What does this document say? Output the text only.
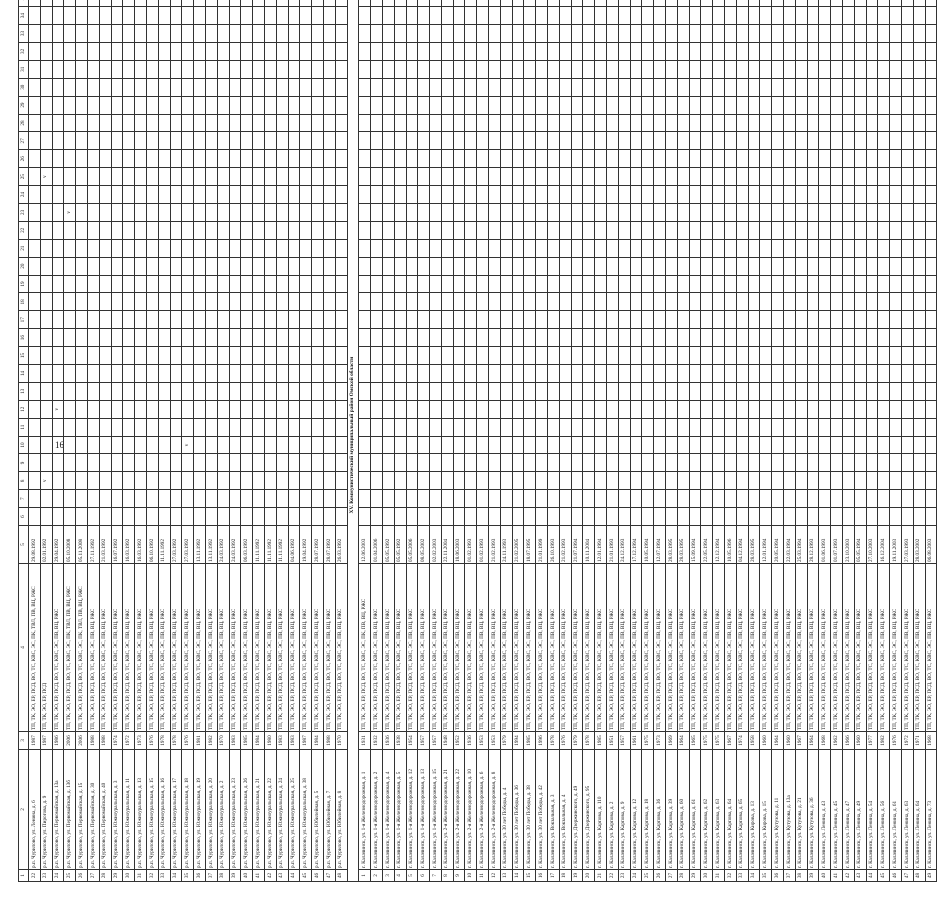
16
1	2	3	4	5	6	7	8	9	10	11	12	13	14	15	16	17	18	19	20	21	22	23	24	25	26	27	28	29	30	31	32	33	34	
22	р.п. Чурилово, ул. Ленина, д. 6	1987	ТП, ТК, ЭО, ЕР, ПСД, ВО, ТС, КВС, ЭС, ПК, ТВЛ, ПВ, ВЦ, РЖС	29.08.1992																															
23	р.п. Чурилово, ул. Пирогова, д. 9	1987	ТП, ТК, ЭО, ЕР, ПСД	02.01.1992			v																	v											
24	р.п. Чурилово, ул. Первомайская, д. 13а	1986	ТП, ТК, ЭО, ЕР, ПСД, ВО, ТС, КВС, ЭС, ПВ, ВЦ, РЖС	29.04.1992							v																								
25	р.п. Чурилово, ул. Первомайская, д. 13б	2006	ТП, ТК, ЭО, ЕР, ПСД, ВО, ТС, КВС, ЭС, ПК, ТВЛ, ПВ, ВЦ, РЖС	05.10.2008																		v													
26	р.п. Чурилово, ул. Первомайская, д. 15	2006	ТП, ТК, ЭО, ЕР, ПСД, ВО, ТС, КВС, ЭС, ПК, ТВЛ, ПВ, ВЦ, РЖС	05.11.2008																															
27	р.п. Чурилово, ул. Первомайская, д. 30	1988	ТП, ТК, ЭО, ЕР, ПСД, ВО, ТС, КВС, ЭС, ПВ, ВЦ, РЖС	27.11.1992																															
28	р.п. Чурилово, ул. Первомайская, д. 40	1988	ТП, ТК, ЭО, ЕР, ПСД, ВО, ТС, КВС, ЭС, ПВ, ВЦ, РЖС	21.03.1992																															
29	р.п. Чурилово, ул. Южноуральская, д. 3	1974	ТП, ТК, ЭО, ЕР, ПСД, ВО, ТС, КВС, ЭС, ПВ, ВЦ, РЖС	16.07.1992																															
30	р.п. Чурилово, ул. Южноуральская, д. 11	1972	ТП, ТК, ЭО, ЕР, ПСД, ВО, ТС, КВС, ЭС, ПВ, ВЦ, РЖС	16.03.1992																															
31	р.п. Чурилово, ул. Южноуральская, д. 13	1973	ТП, ТК, ЭО, ЕР, ПСД, ВО, ТС, КВС, ЭС, ПВ, ВЦ, РЖС	16.03.1992																															
32	р.п. Чурилово, ул. Южноуральская, д. 15	1976	ТП, ТК, ЭО, ЕР, ПСД, ВО, ТС, КВС, ЭС, ПВ, ВЦ, РЖС	06.10.1992																															
33	р.п. Чурилово, ул. Южноуральская, д. 16	1978	ТП, ТК, ЭО, ЕР, ПСД, ВО, ТС, КВС, ЭС, ПВ, ВЦ, РЖС	11.11.1992																															
34	р.п. Чурилово, ул. Южноуральская, д. 17	1978	ТП, ТК, ЭО, ЕР, ПСД, ВО, ТС, КВС, ЭС, ПВ, ВЦ, РЖС	27.03.1992																															
35	р.п. Чурилово, ул. Южноуральская, д. 18	1976	ТП, ТК, ЭО, ЕР, ПСД, ВО, ТС, КВС, ЭС, ПВ, ВЦ, РЖС	27.03.1992					v																										
36	р.п. Чурилово, ул. Южноуральская, д. 19	1981	ТП, ТК, ЭО, ЕР, ПСД, ВО, ТС, КВС, ЭС, ПВ, ВЦ, РЖС	13.11.1992																															
37	р.п. Чурилово, ул. Южноуральская, д. 20	1982	ТП, ТК, ЭО, ЕР, ПСД, ВО, ТС, КВС, ЭС, ПВ, ВЦ, РЖС	13.11.1992																															
38	р.п. Чурилово, ул. Южноуральская, д. 2	1970	ТП, ТК, ЭО, ЕР, ПСД, ВО, ТС, КВС, ЭС, ПВ, ВЦ, РЖС	24.03.1992																															
39	р.п. Чурилово, ул. Южноуральская, д. 23	1983	ТП, ТК, ЭО, ЕР, ПСД, ВО, ТС, КВС, ЭС, ПВ, ВЦ, РЖС	24.03.1992																															
40	р.п. Чурилово, ул. Южноуральская, д. 26	1985	ТП, ТК, ЭО, ЕР, ПСД, ВО, ТС, КВС, ЭС, ПВ, ВЦ, РЖС	06.03.1992																															
41	р.п. Чурилово, ул. Южноуральская, д. 21	1984	ТП, ТК, ЭО, ЕР, ПСД, ВО, ТС, КВС, ЭС, ПВ, ВЦ, РЖС	11.11.1992																															
42	р.п. Чурилово, ул. Южноуральская, д. 22	1980	ТП, ТК, ЭО, ЕР, ПСД, ВО, ТС, КВС, ЭС, ПВ, ВЦ, РЖС	11.11.1992																															
43	р.п. Чурилово, ул. Южноуральская, д. 24	1983	ТП, ТК, ЭО, ЕР, ПСД, ВО, ТС, КВС, ЭС, ПВ, ВЦ, РЖС	11.11.1992																															
44	р.п. Чурилово, ул. Южноуральская, д. 25	1983	ТП, ТК, ЭО, ЕР, ПСД, ВО, ТС, КВС, ЭС, ПВ, ВЦ, РЖС	04.06.1992																															
45	р.п. Чурилово, ул. Южноуральская, д. 38	1987	ТП, ТК, ЭО, ЕР, ПСД, ВО, ТС, КВС, ЭС, ПВ, ВЦ, РЖС	19.04.1992																															
46	р.п. Чурилово, ул. Юбилейная, д. 5	1984	ТП, ТК, ЭО, ЕР, ПСД, ВО, ТС, КВС, ЭС, ПВ, ВЦ, РЖС	28.07.1992																															
47	р.п. Чурилово, ул. Юбилейная, д. 7	1988	ТП, ТК, ЭО, ЕР, ПСД, ВО, ТС, КВС, ЭС, ПВ, ВЦ, РЖС	28.07.1992																															
48	р.п. Чурилово, ул. Юбилейная, д. 8	1970	ТП, ТК, ЭО, ЕР, ПСД, ВО, ТС, КВС, ЭС, ПВ, ВЦ, РЖС	26.03.1992																															
XV. Коммунистический муниципальный район Омской области																																			
1	г. Калачинск, ул. 1-я Железнодорожная, д. 1	1931	ТП, ТК, ЭО, ЕР, ПСД, ВО, ТС, КВС, ЭС, ПК, ПВ, ВЦ, РЖС	12.06.2003																															
2	г. Калачинск, ул. 1-я Железнодорожная, д. 2	1932	ТП, ТК, ЭО, ЕР, ПСД, ВО, ТС, КВС, ЭС, ПВ, ВЦ, РЖС	01.04.2006																															
3	г. Калачинск, ул. 1-я Железнодорожная, д. 4	1936	ТП, ТК, ЭО, ЕР, ПСД, ВО, ТС, КВС, ЭС, ПВ, ВЦ, РЖС	05.05.1992																															
4	г. Калачинск, ул. 1-я Железнодорожная, д. 5	1938	ТП, ТК, ЭО, ЕР, ПСД, ВО, ТС, КВС, ЭС, ПВ, ВЦ, РЖС	05.05.1992																															
5	г. Калачинск, ул. 1-я Железнодорожная, д. 12	1954	ТП, ТК, ЭО, ЕР, ПСД, ВО, ТС, КВС, ЭС, ПВ, ВЦ, РЖС	05.05.2006																															
6	г. Калачинск, ул. 1-я Железнодорожная, д. 13	1957	ТП, ТК, ЭО, ЕР, ПСД, ВО, ТС, КВС, ЭС, ПВ, ВЦ, РЖС	08.05.2002																															
7	г. Калачинск, ул. 1-я Железнодорожная, д. 15	1957	ТП, ТК, ЭО, ЕР, ПСД, ВО, ТС, КВС, ЭС, ПВ, ВЦ, РЖС	02.02.2003																															
8	г. Калачинск, ул. 2-я Железнодорожная, д. 21	1948	ТП, ТК, ЭО, ЕР, ПСД, ВО, ТС, КВС, ЭС, ПВ, ВЦ, РЖС	22.11.2004																															
9	г. Калачинск, ул. 2-я Железнодорожная, д. 22	1952	ТП, ТК, ЭО, ЕР, ПСД, ВО, ТС, КВС, ЭС, ПВ, ВЦ, РЖС	18.06.2003																															
10	г. Калачинск, ул. 2-я Железнодорожная, д. 10	1936	ТП, ТК, ЭО, ЕР, ПСД, ВО, ТС, КВС, ЭС, ПВ, ВЦ, РЖС	01.02.1993																															
11	г. Калачинск, ул. 2-я Железнодорожная, д. 6	1953	ТП, ТК, ЭО, ЕР, ПСД, ВО, ТС, КВС, ЭС, ПВ, ВЦ, РЖС	01.02.1993																															
12	г. Калачинск, ул. 2-я Железнодорожная, д. 8	1953	ТП, ТК, ЭО, ЕР, ПСД, ВО, ТС, КВС, ЭС, ПВ, ВЦ, РЖС	21.02.1993																															
13	г. Калачинск, ул. 30 лет Победы, д. 4	1979	ТП, ТК, ЭО, ЕР, ПСД, ВО, ТС, КВС, ЭС, ПВ, ВЦ, РЖС	24.11.1993																															
14	г. Калачинск, ул. 30 лет Победы, д. 36	1994	ТП, ТК, ЭО, ЕР, ПСД, ВО, ТС, КВС, ЭС, ПВ, ВЦ, РЖС	21.02.2005																															
15	г. Калачинск, ул. 30 лет Победы, д. 38	1985	ТП, ТК, ЭО, ЕР, ПСД, ВО, ТС, КВС, ЭС, ПВ, ВЦ, РЖС	18.07.1995																															
16	г. Калачинск, ул. 30 лет Победы, д. 42	1996	ТП, ТК, ЭО, ЕР, ПСД, ВО, ТС, КВС, ЭС, ПВ, ВЦ, РЖС	21.01.1999																															
17	г. Калачинск, ул. Вокзальная, д. 3	1978	ТП, ТК, ЭО, ЕР, ПСД, ВО, ТС, КВС, ЭС, ПВ, ВЦ, РЖС	26.10.1993																															
18	г. Калачинск, ул. Вокзальная, д. 4	1976	ТП, ТК, ЭО, ЕР, ПСД, ВО, ТС, КВС, ЭС, ПВ, ВЦ, РЖС	21.02.1993																															
19	г. Калачинск, ул. Дзержинского, д. 49	1979	ТП, ТК, ЭО, ЕР, ПСД, ВО, ТС, КВС, ЭС, ПВ, ВЦ, РЖС	21.07.1994																															
20	г. Калачинск, ул. Дзержинского, д. 95	1978	ТП, ТК, ЭО, ЕР, ПСД, ВО, ТС, КВС, ЭС, ПВ, ВЦ, РЖС	10.11.2004																															
21	г. Калачинск, ул. Карпова, д. 110	1985	ТП, ТК, ЭО, ЕР, ПСД, ВО, ТС, КВС, ЭС, ПВ, ВЦ, РЖС	12.01.1994																															
22	г. Калачинск, ул. Карпова, д. 2	1951	ТП, ТК, ЭО, ЕР, ПСД, ВО, ТС, КВС, ЭС, ПВ, ВЦ, РЖС	21.01.1993																															
23	г. Калачинск, ул. Карпова, д. 9	1957	ТП, ТК, ЭО, ЕР, ПСД, ВО, ТС, КВС, ЭС, ПВ, ВЦ, РЖС	24.12.1993																															
24	г. Калачинск, ул. Карпова, д. 12	1961	ТП, ТК, ЭО, ЕР, ПСД, ВО, ТС, КВС, ЭС, ПВ, ВЦ, РЖС	17.12.1994																															
25	г. Калачинск, ул. Карпова, д. 18	1975	ТП, ТК, ЭО, ЕР, ПСД, ВО, ТС, КВС, ЭС, ПВ, ВЦ, РЖС	10.05.1994																															
26	г. Калачинск, ул. Карпова, д. 36	1973	ТП, ТК, ЭО, ЕР, ПСД, ВО, ТС, КВС, ЭС, ПВ, ВЦ, РЖС	12.07.1994																															
27	г. Калачинск, ул. Карпова, д. 39	1969	ТП, ТК, ЭО, ЕР, ПСД, ВО, ТС, КВС, ЭС, ПВ, ВЦ, РЖС	28.03.1995																															
28	г. Калачинск, ул. Карпова, д. 60	1964	ТП, ТК, ЭО, ЕР, ПСД, ВО, ТС, КВС, ЭС, ПВ, ВЦ, РЖС	28.03.1995																															
29	г. Калачинск, ул. Карпова, д. 61	1965	ТП, ТК, ЭО, ЕР, ПСД, ВО, ТС, КВС, ЭС, ПВ, ВЦ, РЖС	15.09.1994																															
30	г. Калачинск, ул. Карпова, д. 62	1975	ТП, ТК, ЭО, ЕР, ПСД, ВО, ТС, КВС, ЭС, ПВ, ВЦ, РЖС	22.05.1994																															
31	г. Калачинск, ул. Карпова, д. 63	1975	ТП, ТК, ЭО, ЕР, ПСД, ВО, ТС, КВС, ЭС, ПВ, ВЦ, РЖС	12.12.1994																															
32	г. Калачинск, ул. Карпова, д. 64	1967	ТП, ТК, ЭО, ЕР, ПСД, ВО, ТС, КВС, ЭС, ПВ, ВЦ, РЖС	10.05.1996																															
33	г. Калачинск, ул. Карпова, д. 65	1974	ТП, ТК, ЭО, ЕР, ПСД, ВО, ТС, КВС, ЭС, ПВ, ВЦ, РЖС	04.12.1994																															
34	г. Калачинск, ул. Кирова, д. 13	1958	ТП, ТК, ЭО, ЕР, ПСД, ВО, ТС, КВС, ЭС, ПВ, ВЦ, РЖС	28.03.1995																															
35	г. Калачинск, ул. Кирова, д. 15	1960	ТП, ТК, ЭО, ЕР, ПСД, ВО, ТС, КВС, ЭС, ПВ, ВЦ, РЖС	12.01.1994																															
36	г. Калачинск, ул. Кутузова, д. 11	1964	ТП, ТК, ЭО, ЕР, ПСД, ВО, ТС, КВС, ЭС, ПВ, ВЦ, РЖС	20.05.1994																															
37	г. Калачинск, ул. Кутузова, д. 13а	1960	ТП, ТК, ЭО, ЕР, ПСД, ВО, ТС, КВС, ЭС, ПВ, ВЦ, РЖС	22.03.1994																															
38	г. Калачинск, ул. Кутузова, д. 21	1967	ТП, ТК, ЭО, ЕР, ПСД, ВО, ТС, КВС, ЭС, ПВ, ВЦ, РЖС	25.03.1994																															
39	г. Калачинск, ул. Кутузова, д. 36	1964	ТП, ТК, ЭО, ЕР, ПСД, ВО, ТС, КВС, ЭС, ПВ, ВЦ, РЖС	28.12.1993																															
40	г. Калачинск, ул. Ленина, д. 43	1968	ТП, ТК, ЭО, ЕР, ПСД, ВО, ТС, КВС, ЭС, ПВ, ВЦ, РЖС	01.06.1993																															
41	г. Калачинск, ул. Ленина, д. 45	1962	ТП, ТК, ЭО, ЕР, ПСД, ВО, ТС, КВС, ЭС, ПВ, ВЦ, РЖС	01.07.1993																															
42	г. Калачинск, ул. Ленина, д. 47	1966	ТП, ТК, ЭО, ЕР, ПСД, ВО, ТС, КВС, ЭС, ПВ, ВЦ, РЖС	23.10.2003																															
43	г. Калачинск, ул. Ленина, д. 49	1960	ТП, ТК, ЭО, ЕР, ПСД, ВО, ТС, КВС, ЭС, ПВ, ВЦ, РЖС	05.05.1994																															
44	г. Калачинск, ул. Ленина, д. 54	1977	ТП, ТК, ЭО, ЕР, ПСД, ВО, ТС, КВС, ЭС, ПВ, ВЦ, РЖС	27.10.2003																															
45	г. Калачинск, ул. Ленина, д. 56	1982	ТП, ТК, ЭО, ЕР, ПСД, ВО, ТС, КВС, ЭС, ПВ, ВЦ, РЖС	16.12.2004																															
46	г. Калачинск, ул. Ленина, д. 61	1976	ТП, ТК, ЭО, ЕР, ПСД, ВО, ТС, КВС, ЭС, ПВ, ВЦ, РЖС	19.11.2003																															
47	г. Калачинск, ул. Ленина, д. 63	1972	ТП, ТК, ЭО, ЕР, ПСД, ВО, ТС, КВС, ЭС, ПВ, ВЦ, РЖС	27.03.1993																															
48	г. Калачинск, ул. Ленина, д. 64	1971	ТП, ТК, ЭО, ЕР, ПСД, ВО, ТС, КВС, ЭС, ПВ, ВЦ, РЖС	28.03.2002																															
49	г. Калачинск, ул. Ленина, д. 73	1968	ТП, ТК, ЭО, ЕР, ПСД, ВО, ТС, КВС, ЭС, ПВ, ВЦ, РЖС	06.08.2003																															
